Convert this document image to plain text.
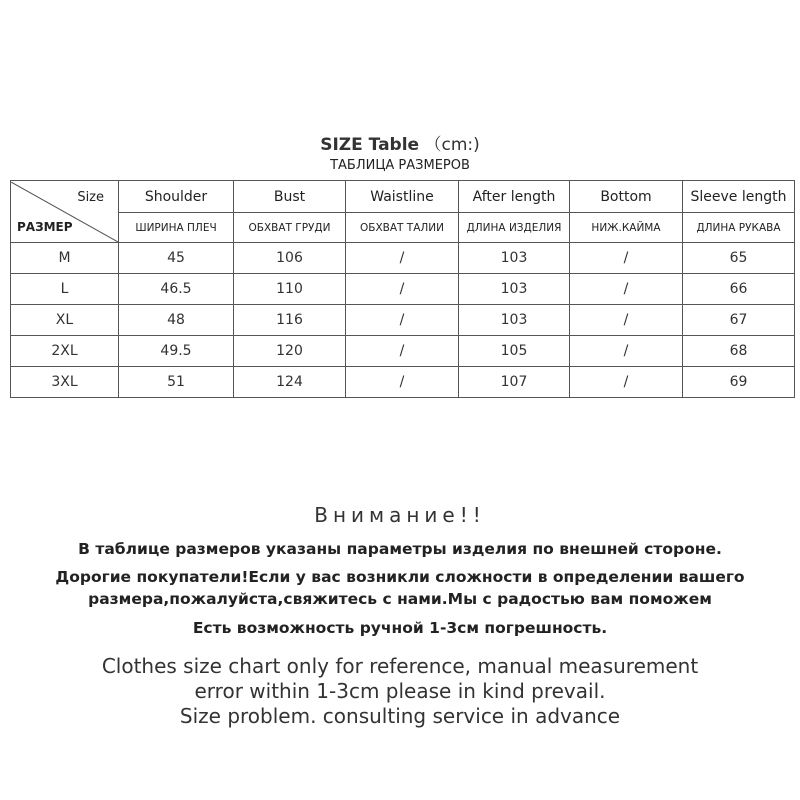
SIZE Table （cm:)
ТАБЛИЦА РАЗМЕРОВ
Size
РАЗМЕР	Shoulder	Bust	Waistline	After length	Bottom	Sleeve length
	ШИРИНА ПЛЕЧ	ОБХВАТ ГРУДИ	ОБХВАТ ТАЛИИ	ДЛИНА ИЗДЕЛИЯ	НИЖ.КАЙМА	ДЛИНА РУКАВА
M	45	106	/	103	/	65
L	46.5	110	/	103	/	66
XL	48	116	/	103	/	67
2XL	49.5	120	/	105	/	68
3XL	51	124	/	107	/	69
Внимание!!
В таблице размеров указаны параметры изделия по внешней стороне.
Дорогие покупатели!Если у вас возникли сложности в определении вашего
размера,пожалуйста,свяжитесь с нами.Мы с радостью вам поможем
Есть возможность ручной 1-3см погрешность.
Clothes size chart only for reference, manual measurement
error within 1-3cm please in kind prevail.
Size problem. consulting service in advance
